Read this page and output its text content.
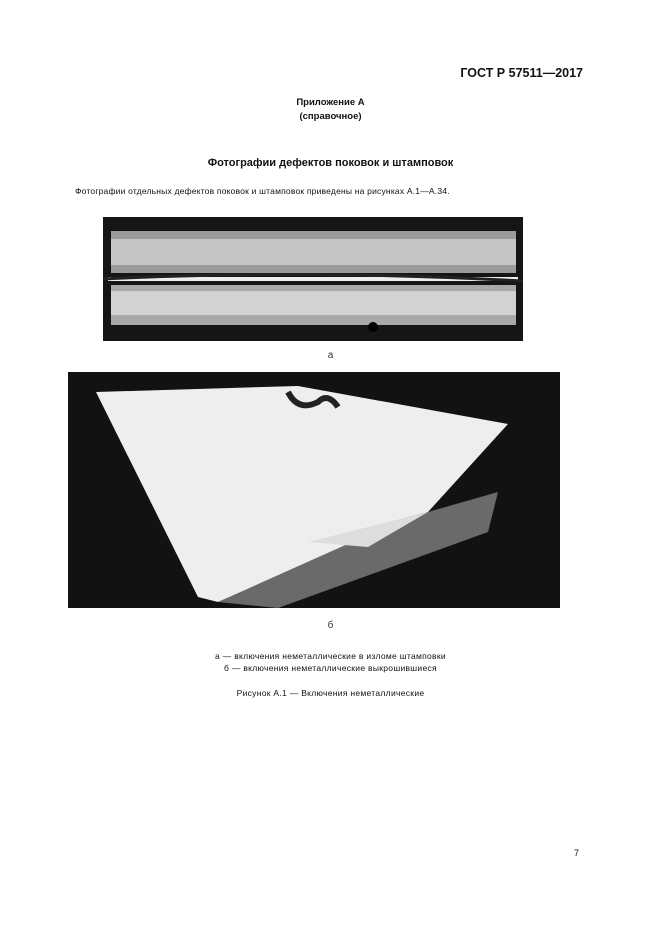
ГОСТ Р 57511—2017
Приложение А
(справочное)
Фотографии дефектов поковок и штамповок
Фотографии отдельных дефектов поковок и штамповок приведены на рисунках А.1—А.34.
а
б
а — включения неметаллические в изломе штамповки
б — включения неметаллические выкрошившиеся
Рисунок А.1 — Включения неметаллические
7
